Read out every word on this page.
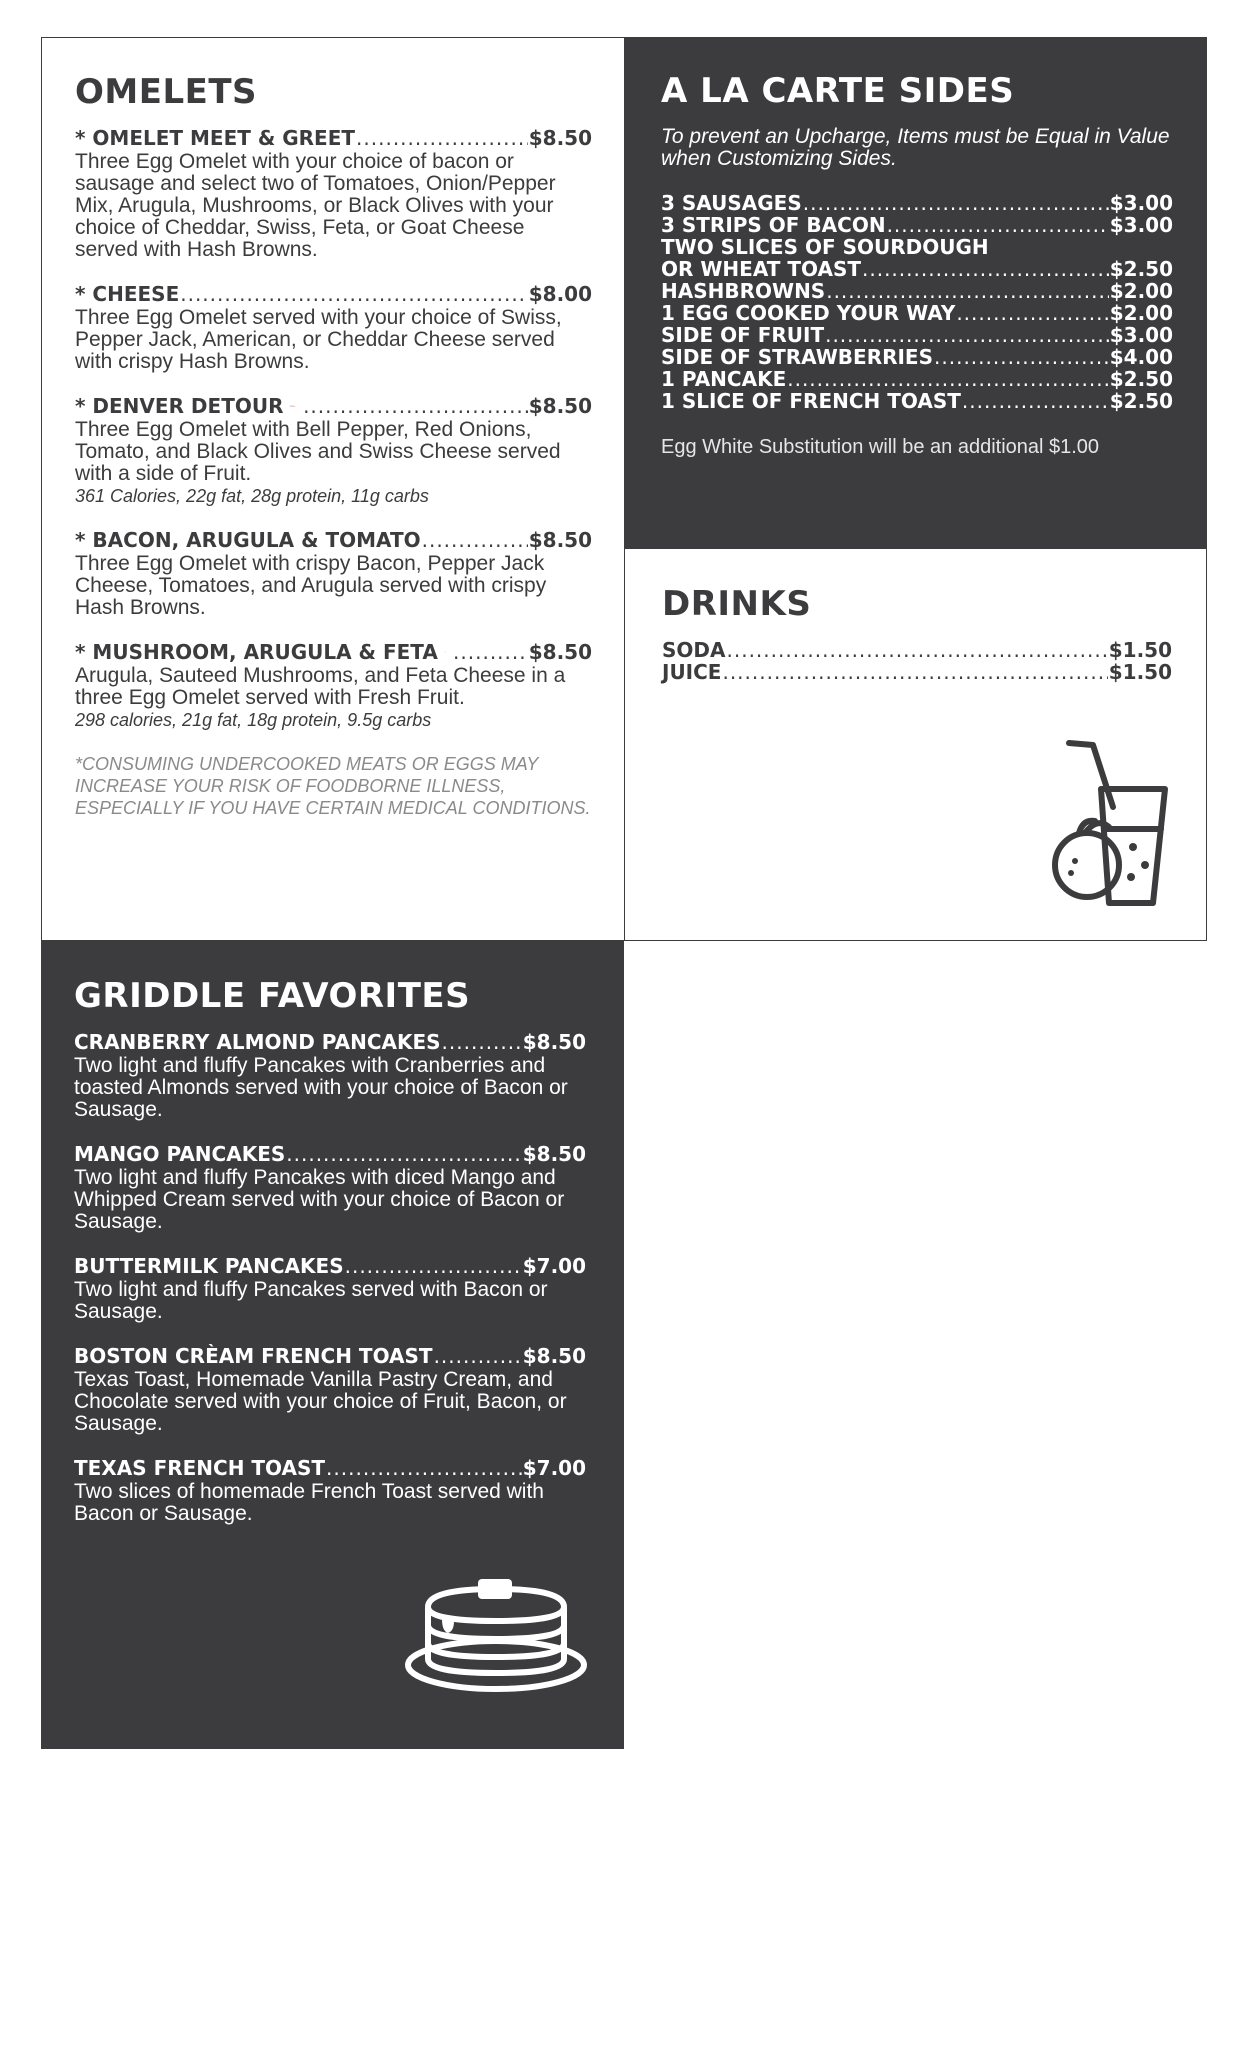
OMELETS
* OMELET MEET & GREET .....	$8.50
Three Egg Omelet with your choice of bacon or sausage and select two of Tomatoes, Onion/Pepper Mix, Arugula, Mushrooms, or Black Olives with your choice of Cheddar, Swiss, Feta, or Goat Cheese served with Hash Browns.
* CHEESE .....	$8.00
Three Egg Omelet served with your choice of Swiss, Pepper Jack, American, or Cheddar Cheese served with crispy Hash Browns.
* DENVER DETOUR .....	$8.50
Three Egg Omelet with Bell Pepper, Red Onions, Tomato, and Black Olives and Swiss Cheese served with a side of Fruit.
361 Calories, 22g fat, 28g protein, 11g carbs
* BACON, ARUGULA & TOMATO .....	$8.50
Three Egg Omelet with crispy Bacon, Pepper Jack Cheese, Tomatoes, and Arugula served with crispy Hash Browns.
* MUSHROOM, ARUGULA & FETA .....	$8.50
Arugula, Sauteed Mushrooms, and Feta Cheese in a three Egg Omelet served with Fresh Fruit.
298 calories, 21g fat, 18g protein, 9.5g carbs
*CONSUMING UNDERCOOKED MEATS OR EGGS MAY INCREASE YOUR RISK OF FOODBORNE ILLNESS, ESPECIALLY IF YOU HAVE CERTAIN MEDICAL CONDITIONS.
A LA CARTE SIDES
To prevent an Upcharge, Items must be Equal in Value when Customizing Sides.
3 SAUSAGES .....	$3.00
3 STRIPS OF BACON .....	$3.00
TWO SLICES OF SOURDOUGH
OR WHEAT TOAST .....	$2.50
HASHBROWNS .....	$2.00
1 EGG COOKED YOUR WAY .....	$2.00
SIDE OF FRUIT .....	$3.00
SIDE OF STRAWBERRIES .....	$4.00
1 PANCAKE .....	$2.50
1 SLICE OF FRENCH TOAST .....	$2.50
Egg White Substitution will be an additional $1.00
DRINKS
SODA .....	$1.50
JUICE .....	$1.50
GRIDDLE FAVORITES
CRANBERRY ALMOND PANCAKES .....	$8.50
Two light and fluffy Pancakes with Cranberries and toasted Almonds served with your choice of Bacon or Sausage.
MANGO PANCAKES .....	$8.50
Two light and fluffy Pancakes with diced Mango and Whipped Cream served with your choice of Bacon or Sausage.
BUTTERMILK PANCAKES .....	$7.00
Two light and fluffy Pancakes served with Bacon or Sausage.
BOSTON CRÈAM FRENCH TOAST .....	$8.50
Texas Toast, Homemade Vanilla Pastry Cream, and Chocolate served with your choice of Fruit, Bacon, or Sausage.
TEXAS FRENCH TOAST .....	$7.00
Two slices of homemade French Toast served with Bacon or Sausage.
